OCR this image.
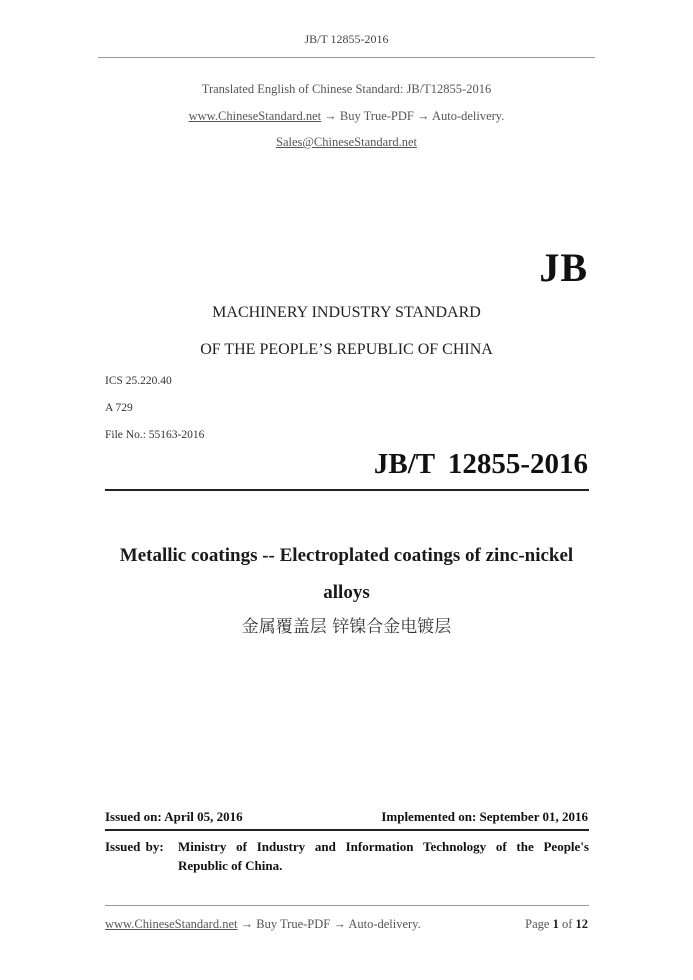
JB/T 12855-2016
Translated English of Chinese Standard: JB/T12855-2016
www.ChineseStandard.net → Buy True-PDF → Auto-delivery.
Sales@ChineseStandard.net
JB
MACHINERY INDUSTRY STANDARD
OF THE PEOPLE’S REPUBLIC OF CHINA
ICS 25.220.40
A 729
File No.: 55163-2016
JB/T 12855-2016
Metallic coatings -- Electroplated coatings of zinc-nickel
alloys
金属覆盖层 锌镍合金电镀层
Issued on: April 05, 2016	Implemented on: September 01, 2016
Issued by:	Ministry of Industry and Information Technology of the People's Republic of China.
www.ChineseStandard.net → Buy True-PDF → Auto-delivery.	Page 1 of 12
